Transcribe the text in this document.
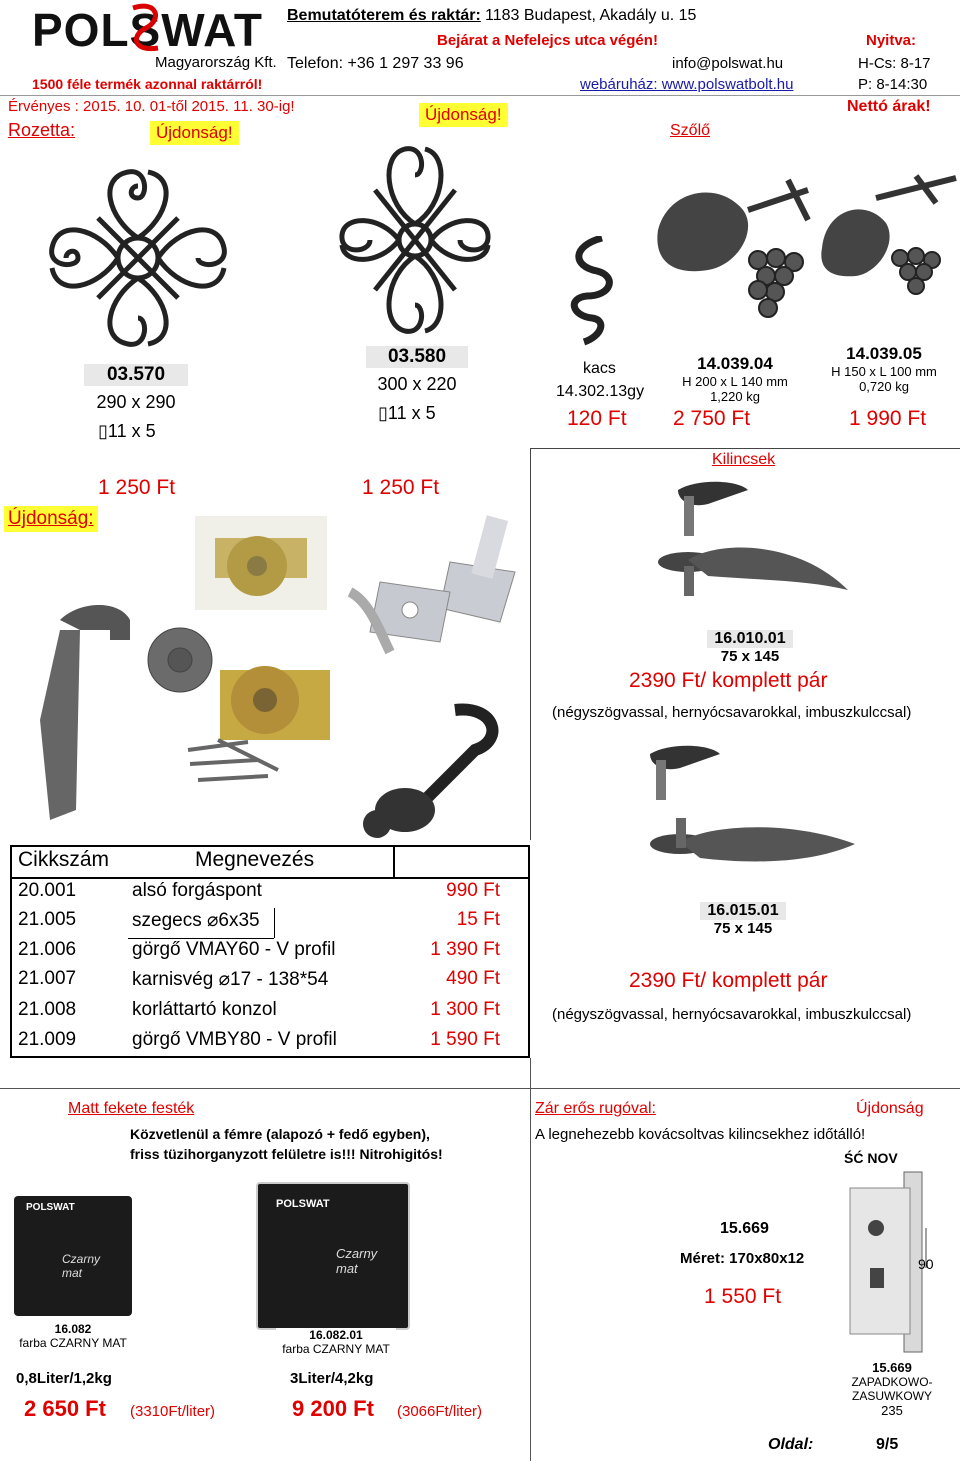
POLSWAT
Magyarország Kft.
1500 féle termék azonnal raktárról!
Bemutatóterem és raktár: 1183 Budapest, Akadály u. 15
Bejárat a Nefelejcs utca végén!
Telefon: +36 1 297 33 96	info@polswat.hu
webáruház: www.polswatbolt.hu
Nyitva:
H-Cs: 8-17
P: 8-14:30
Érvényes : 2015. 10. 01-től 2015. 11. 30-ig!	Nettó árak!
Rozetta:	Újdonság!
Újdonság!
03.570
290 x 290
▯11 x 5
1 250 Ft
03.580
300 x 220
▯11 x 5
1 250 Ft
Szőlő
kacs
14.302.13gy
120 Ft
14.039.04
H 200 x L 140 mm
1,220 kg
2 750 Ft
14.039.05
H 150 x L 100 mm
0,720 kg
1 990 Ft
Kilincsek
16.010.01
75 x 145
2390 Ft/ komplett pár
(négyszögvassal, hernyócsavarokkal, imbuszkulccsal)
16.015.01
75 x 145
2390 Ft/ komplett pár
(négyszögvassal, hernyócsavarokkal, imbuszkulccsal)
Újdonság:
Cikkszám	Megnevezés
20.001	alsó forgáspont	990 Ft
21.005	szegecs ⌀6x35	15 Ft
21.006	görgő VMAY60 - V profil	1 390 Ft
21.007	karnisvég ⌀17 - 138*54	490 Ft
21.008	korláttartó konzol	1 300 Ft
21.009	görgő VMBY80 - V profil	1 590 Ft
Matt fekete festék
Közvetlenül a fémre (alapozó + fedő egyben),
friss tüzihorganyzott felületre is!!! Nitrohigitós!
POLSWAT
Czarny mat
16.082
farba CZARNY MAT
POLSWAT
Czarny mat
16.082.01
farba CZARNY MAT
0,8Liter/1,2kg
2 650 Ft (3310Ft/liter)
3Liter/4,2kg
9 200 Ft (3066Ft/liter)
Zár erős rugóval:	Újdonság
A legnehezebb kovácsoltvas kilincsekhez időtálló!
ŚĆ NOV
90
15.669
Méret: 170x80x12
1 550 Ft
15.669
ZAPADKOWO-
ZASUWKOWY
235
Oldal:	9/5
